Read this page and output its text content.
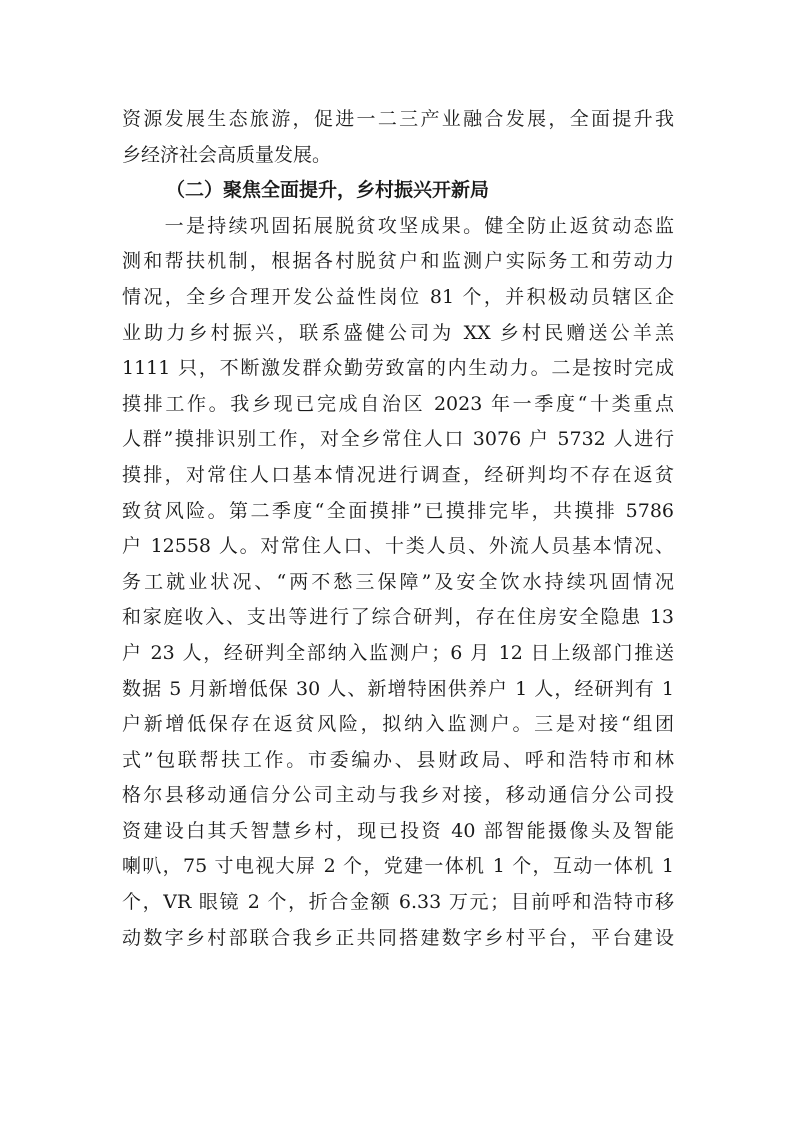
资源发展生态旅游，促进一二三产业融合发展，全面提升我
乡经济社会高质量发展。
（二）聚焦全面提升，乡村振兴开新局
　　一是持续巩固拓展脱贫攻坚成果。健全防止返贫动态监
测和帮扶机制，根据各村脱贫户和监测户实际务工和劳动力
情况，全乡合理开发公益性岗位 81 个，并积极动员辖区企
业助力乡村振兴，联系盛健公司为 XX 乡村民赠送公羊羔
1111 只，不断激发群众勤劳致富的内生动力。二是按时完成
摸排工作。我乡现已完成自治区 2023 年一季度“十类重点
人群”摸排识别工作，对全乡常住人口 3076 户 5732 人进行
摸排，对常住人口基本情况进行调查，经研判均不存在返贫
致贫风险。第二季度“全面摸排”已摸排完毕，共摸排 5786
户 12558 人。对常住人口、十类人员、外流人员基本情况、
务工就业状况、“两不愁三保障”及安全饮水持续巩固情况
和家庭收入、支出等进行了综合研判，存在住房安全隐患 13
户 23 人，经研判全部纳入监测户；6 月 12 日上级部门推送
数据 5 月新增低保 30 人、新增特困供养户 1 人，经研判有 1
户新增低保存在返贫风险，拟纳入监测户。三是对接“组团
式”包联帮扶工作。市委编办、县财政局、呼和浩特市和林
格尔县移动通信分公司主动与我乡对接，移动通信分公司投
资建设白其夭智慧乡村，现已投资 40 部智能摄像头及智能
喇叭，75 寸电视大屏 2 个，党建一体机 1 个，互动一体机 1
个，VR 眼镜 2 个，折合金额 6.33 万元；目前呼和浩特市移
动数字乡村部联合我乡正共同搭建数字乡村平台，平台建设
